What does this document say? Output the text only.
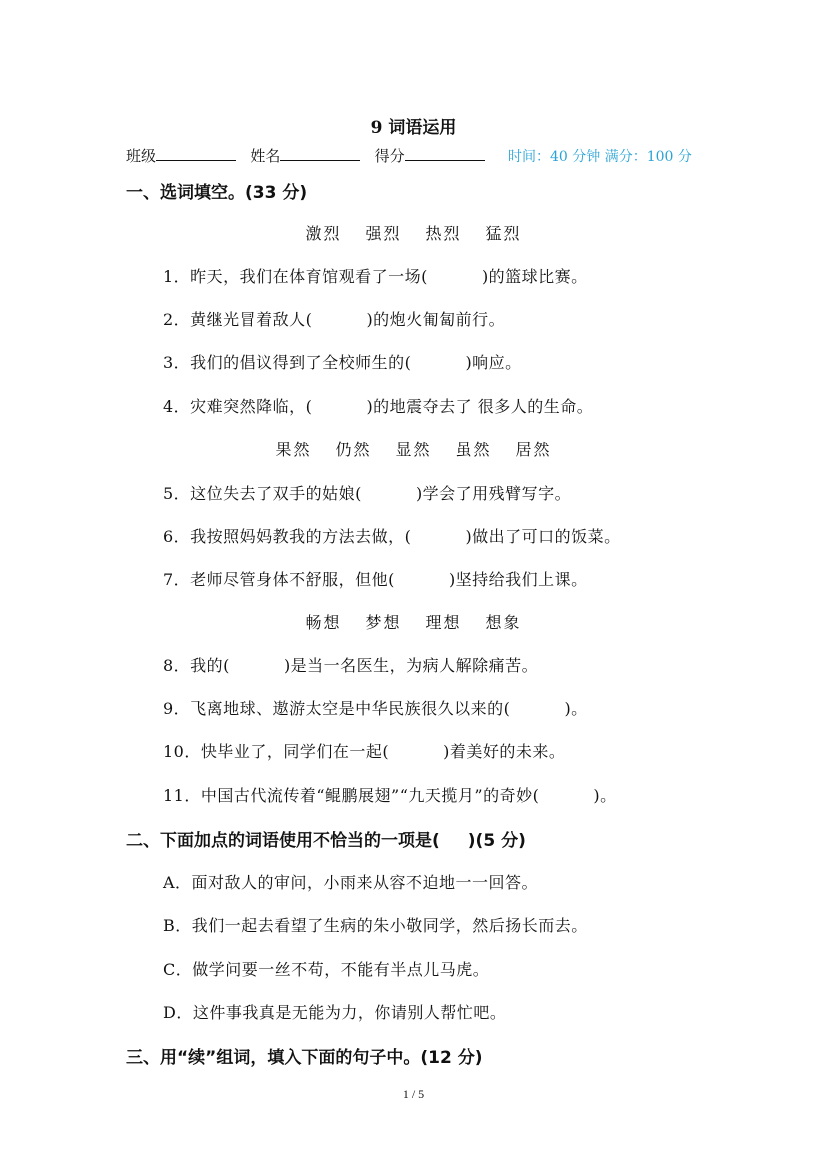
9 词语运用
班级	姓名	得分	时间：40 分钟 满分：100 分
一、选词填空。(33 分)
激烈 强烈 热烈 猛烈
1．昨天，我们在体育馆观看了一场(	)的篮球比赛。
2．黄继光冒着敌人(	)的炮火匍匐前行。
3．我们的倡议得到了全校师生的(	)响应。
4．灾难突然降临，(	)的地震夺去了 很多人的生命。
果然 仍然 显然 虽然 居然
5．这位失去了双手的姑娘(	)学会了用残臂写字。
6．我按照妈妈教我的方法去做，(	)做出了可口的饭菜。
7．老师尽管身体不舒服，但他(	)坚持给我们上课。
畅想 梦想 理想 想象
8．我的(	)是当一名医生，为病人解除痛苦。
9．飞离地球、遨游太空是中华民族很久以来的(	)。
10．快毕业了，同学们在一起(	)着美好的未来。
11．中国古代流传着“鲲鹏展翅”“九天揽月”的奇妙(	)。
二、下面加点的词语使用不恰当的一项是( )(5 分)
A．面对敌人的审问，小雨来从容不迫地一一回答。
B．我们一起去看望了生病的朱小敬同学，然后扬长而去。
C．做学问要一丝不苟，不能有半点儿马虎。
D．这件事我真是无能为力，你请别人帮忙吧。
三、用“续”组词，填入下面的句子中。(12 分)
1 / 5
